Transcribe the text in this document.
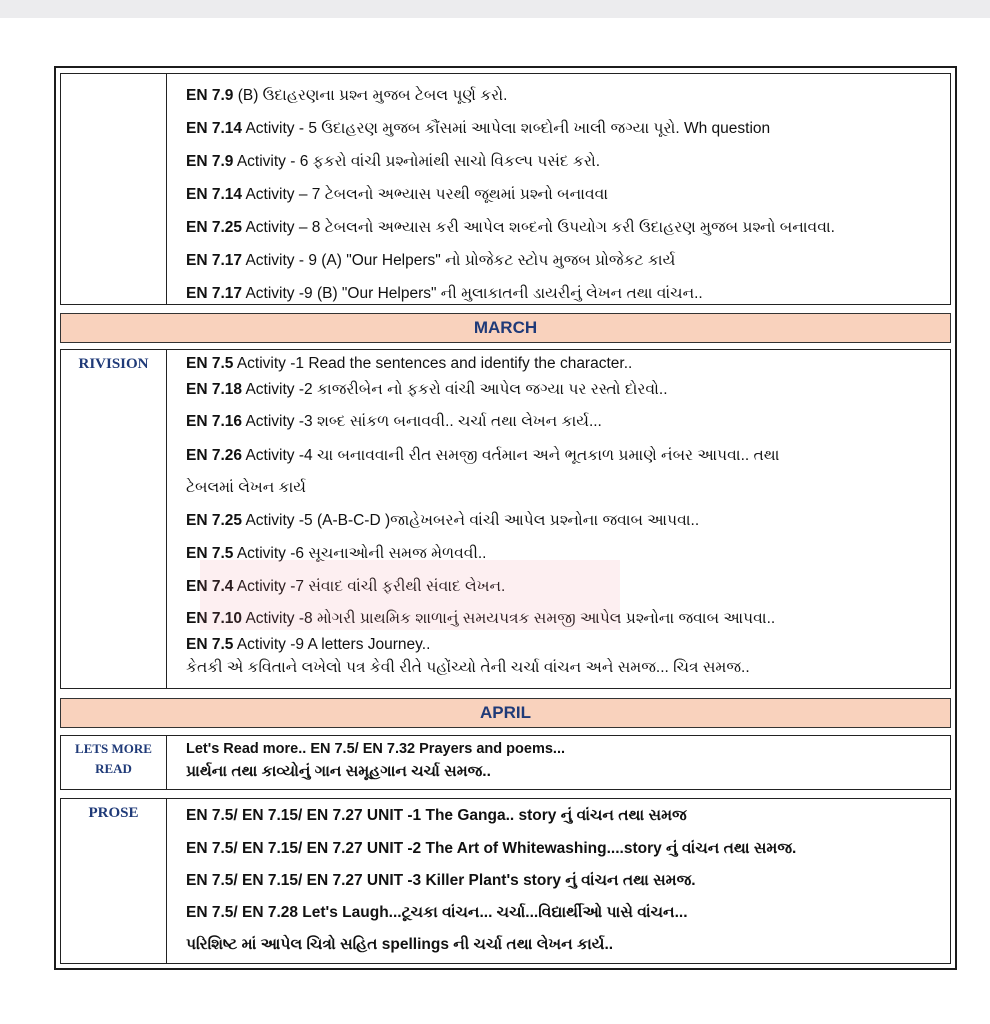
EN 7.9 (B) ઉદાહરણના પ્રશ્ન મુજબ ટેબલ પૂર્ણ કરો.
EN 7.14 Activity - 5 ઉદાહરણ મુજબ કૌંસમાં આપેલા શબ્દોની ખાલી જગ્યા પૂરો. Wh question
EN 7.9 Activity - 6 ફકરો વાંચી પ્રશ્નોમાંથી સાચો વિકલ્પ પસંદ કરો.
EN 7.14 Activity – 7 ટેબલનો અભ્યાસ પરથી જૂથમાં પ્રશ્નો બનાવવા
EN 7.25 Activity – 8 ટેબલનો અભ્યાસ કરી આપેલ શબ્દનો ઉપયોગ કરી ઉદાહરણ મુજબ પ્રશ્નો બનાવવા.
EN 7.17 Activity - 9 (A) "Our Helpers" નો પ્રોજેકટ સ્ટોપ મુજબ પ્રોજેકટ કાર્ય
EN 7.17 Activity -9 (B) "Our Helpers" ની મુલાકાતની ડાયરીનું લેખન તથા વાંચન..
MARCH
RIVISION	EN 7.5 Activity -1 Read the sentences and identify the character..
EN 7.18 Activity -2 કાજરીબેન નો ફકરો વાંચી આપેલ જગ્યા પર રસ્તો દોરવો..
EN 7.16 Activity -3 શબ્દ સાંકળ બનાવવી.. ચર્ચા તથા લેખન કાર્ય...
EN 7.26 Activity -4 ચા બનાવવાની રીત સમજી વર્તમાન અને ભૂતકાળ પ્રમાણે નંબર આપવા.. તથા
ટેબલમાં લેખન કાર્ય
EN 7.25 Activity -5 (A-B-C-D )જાહેખબરને વાંચી આપેલ પ્રશ્નોના જવાબ આપવા..
EN 7.5 Activity -6 સૂચનાઓની સમજ મેળવવી..
EN 7.4 Activity -7 સંવાદ વાંચી ફરીથી સંવાદ લેખન.
EN 7.10 Activity -8 મોગરી પ્રાથમિક શાળાનું સમયપત્રક સમજી આપેલ પ્રશ્નોના જવાબ આપવા..
EN 7.5 Activity -9 A letters Journey..
કેતકી એ કવિતાને લખેલો પત્ર કેવી રીતે પહોંચ્યો તેની ચર્ચા વાંચન અને સમજ... ચિત્ર સમજ..
APRIL
LETS MORE
READ
Let's Read more.. EN 7.5/ EN 7.32 Prayers and poems...
પ્રાર્થના તથા કાવ્યોનું ગાન સમૂહગાન ચર્ચા સમજ..
PROSE	EN 7.5/ EN 7.15/ EN 7.27 UNIT -1 The Ganga.. story નું વાંચન તથા સમજ
EN 7.5/ EN 7.15/ EN 7.27 UNIT -2 The Art of Whitewashing....story નું વાંચન તથા સમજ.
EN 7.5/ EN 7.15/ EN 7.27 UNIT -3 Killer Plant's story નું વાંચન તથા સમજ.
EN 7.5/ EN 7.28 Let's Laugh...ટૂચકા વાંચન... ચર્ચા...વિદ્યાર્થીઓ પાસે વાંચન...
પરિશિષ્ટ માં આપેલ ચિત્રો સહિત spellings ની ચર્ચા તથા લેખન કાર્ય..
